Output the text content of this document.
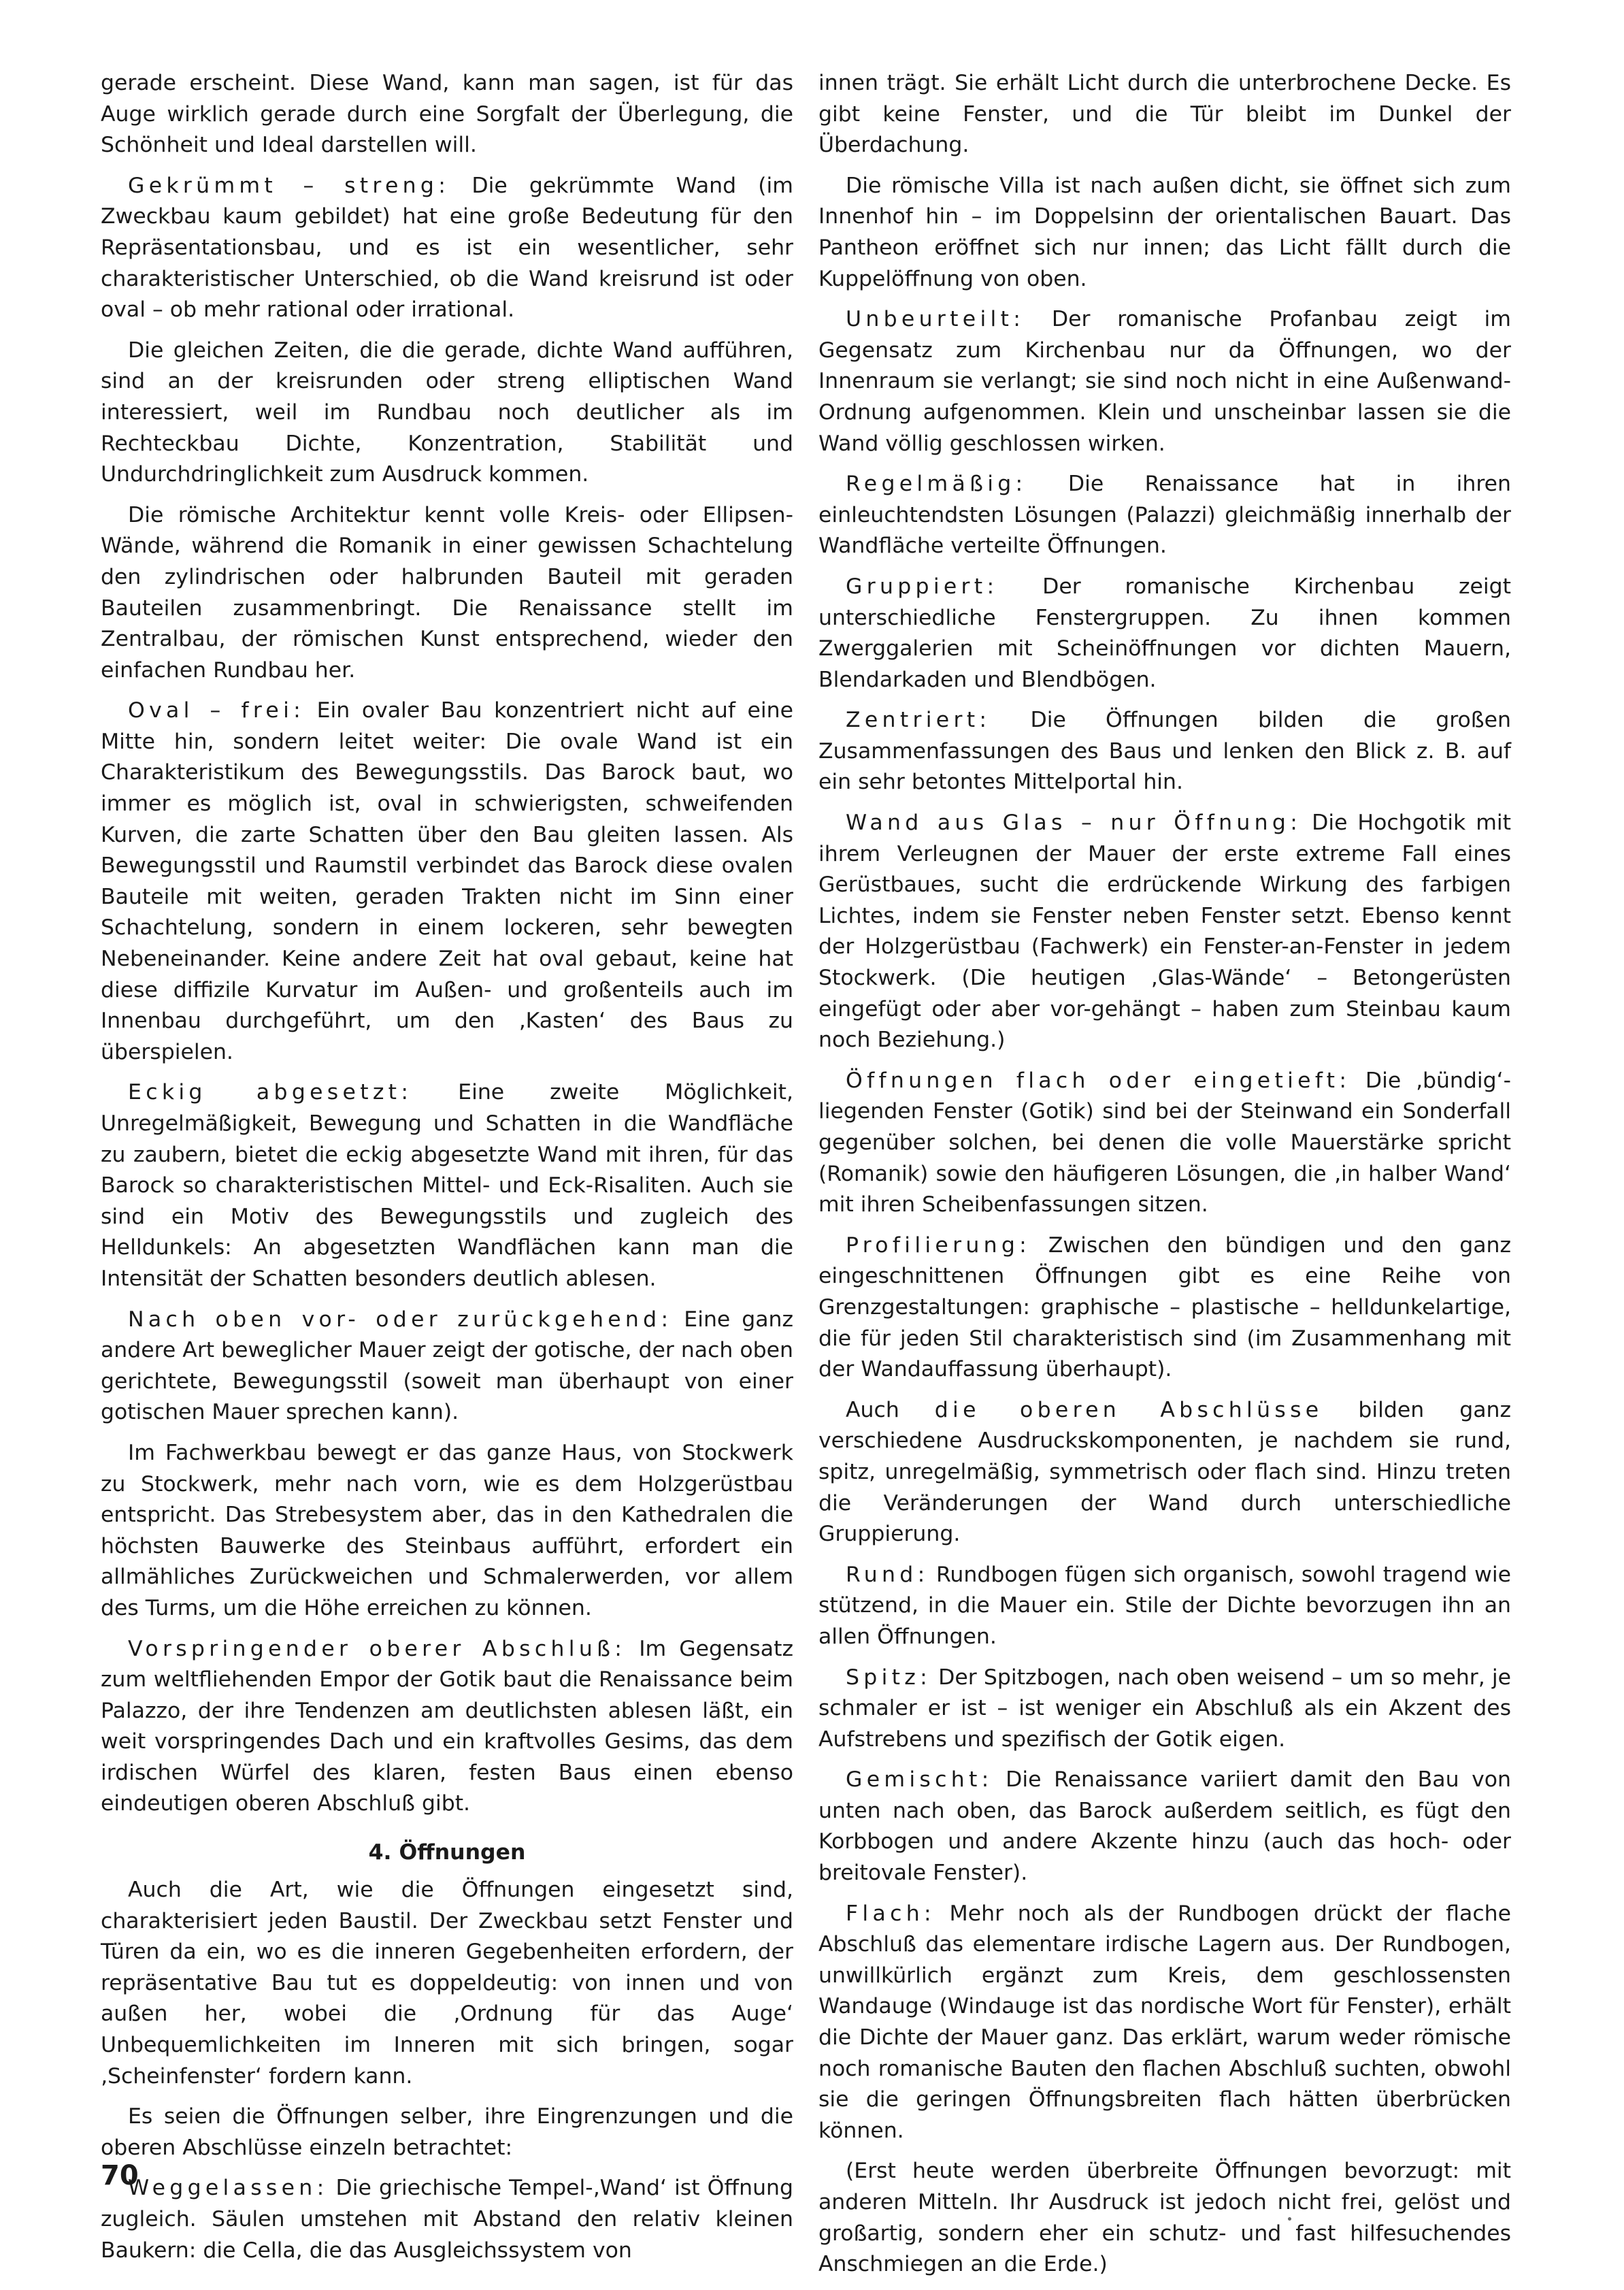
gerade erscheint. Diese Wand, kann man sagen, ist für das Auge wirklich gerade durch eine Sorgfalt der Überlegung, die Schönheit und Ideal darstellen will.

Gekrümmt – streng: Die gekrümmte Wand (im Zweckbau kaum gebildet) hat eine große Bedeutung für den Repräsentationsbau, und es ist ein wesentlicher, sehr charakteristischer Unterschied, ob die Wand kreisrund ist oder oval – ob mehr rational oder irrational.

Die gleichen Zeiten, die die gerade, dichte Wand aufführen, sind an der kreisrunden oder streng elliptischen Wand interessiert, weil im Rundbau noch deutlicher als im Rechteckbau Dichte, Konzentration, Stabilität und Undurchdringlichkeit zum Ausdruck kommen.

Die römische Architektur kennt volle Kreis- oder Ellipsen-Wände, während die Romanik in einer gewissen Schachtelung den zylindrischen oder halbrunden Bauteil mit geraden Bauteilen zusammenbringt. Die Renaissance stellt im Zentralbau, der römischen Kunst entsprechend, wieder den einfachen Rundbau her.

Oval – frei: Ein ovaler Bau konzentriert nicht auf eine Mitte hin, sondern leitet weiter: Die ovale Wand ist ein Charakteristikum des Bewegungsstils. Das Barock baut, wo immer es möglich ist, oval in schwierigsten, schweifenden Kurven, die zarte Schatten über den Bau gleiten lassen. Als Bewegungsstil und Raumstil verbindet das Barock diese ovalen Bauteile mit weiten, geraden Trakten nicht im Sinn einer Schachtelung, sondern in einem lockeren, sehr bewegten Nebeneinander. Keine andere Zeit hat oval gebaut, keine hat diese diffizile Kurvatur im Außen- und großenteils auch im Innenbau durchgeführt, um den ‚Kasten‘ des Baus zu überspielen.

Eckig abgesetzt: Eine zweite Möglichkeit, Unregelmäßigkeit, Bewegung und Schatten in die Wandfläche zu zaubern, bietet die eckig abgesetzte Wand mit ihren, für das Barock so charakteristischen Mittel- und Eck-Risaliten. Auch sie sind ein Motiv des Bewegungsstils und zugleich des Helldunkels: An abgesetzten Wandflächen kann man die Intensität der Schatten besonders deutlich ablesen.

Nach oben vor- oder zurückgehend: Eine ganz andere Art beweglicher Mauer zeigt der gotische, der nach oben gerichtete, Bewegungsstil (soweit man überhaupt von einer gotischen Mauer sprechen kann).

Im Fachwerkbau bewegt er das ganze Haus, von Stockwerk zu Stockwerk, mehr nach vorn, wie es dem Holzgerüstbau entspricht. Das Strebesystem aber, das in den Kathedralen die höchsten Bauwerke des Steinbaus aufführt, erfordert ein allmähliches Zurückweichen und Schmalerwerden, vor allem des Turms, um die Höhe erreichen zu können.

Vorspringender oberer Abschluß: Im Gegensatz zum weltfliehenden Empor der Gotik baut die Renaissance beim Palazzo, der ihre Tendenzen am deutlichsten ablesen läßt, ein weit vorspringendes Dach und ein kraftvolles Gesims, das dem irdischen Würfel des klaren, festen Baus einen ebenso eindeutigen oberen Abschluß gibt.

4. Öffnungen

Auch die Art, wie die Öffnungen eingesetzt sind, charakterisiert jeden Baustil. Der Zweckbau setzt Fenster und Türen da ein, wo es die inneren Gegebenheiten erfordern, der repräsentative Bau tut es doppeldeutig: von innen und von außen her, wobei die ‚Ordnung für das Auge‘ Unbequemlichkeiten im Inneren mit sich bringen, sogar ‚Scheinfenster‘ fordern kann.

Es seien die Öffnungen selber, ihre Eingrenzungen und die oberen Abschlüsse einzeln betrachtet:

Weggelassen: Die griechische Tempel-‚Wand‘ ist Öffnung zugleich. Säulen umstehen mit Abstand den relativ kleinen Baukern: die Cella, die das Ausgleichssystem von

innen trägt. Sie erhält Licht durch die unterbrochene Decke. Es gibt keine Fenster, und die Tür bleibt im Dunkel der Überdachung.

Die römische Villa ist nach außen dicht, sie öffnet sich zum Innenhof hin – im Doppelsinn der orientalischen Bauart. Das Pantheon eröffnet sich nur innen; das Licht fällt durch die Kuppelöffnung von oben.

Unbeurteilt: Der romanische Profanbau zeigt im Gegensatz zum Kirchenbau nur da Öffnungen, wo der Innenraum sie verlangt; sie sind noch nicht in eine Außenwand-Ordnung aufgenommen. Klein und unscheinbar lassen sie die Wand völlig geschlossen wirken.

Regelmäßig: Die Renaissance hat in ihren einleuchtendsten Lösungen (Palazzi) gleichmäßig innerhalb der Wandfläche verteilte Öffnungen.

Gruppiert: Der romanische Kirchenbau zeigt unterschiedliche Fenstergruppen. Zu ihnen kommen Zwerggalerien mit Scheinöffnungen vor dichten Mauern, Blendarkaden und Blendbögen.

Zentriert: Die Öffnungen bilden die großen Zusammenfassungen des Baus und lenken den Blick z. B. auf ein sehr betontes Mittelportal hin.

Wand aus Glas – nur Öffnung: Die Hochgotik mit ihrem Verleugnen der Mauer der erste extreme Fall eines Gerüstbaues, sucht die erdrückende Wirkung des farbigen Lichtes, indem sie Fenster neben Fenster setzt. Ebenso kennt der Holzgerüstbau (Fachwerk) ein Fenster-an-Fenster in jedem Stockwerk. (Die heutigen ‚Glas-Wände‘ – Betongerüsten eingefügt oder aber vor-gehängt – haben zum Steinbau kaum noch Beziehung.)

Öffnungen flach oder eingetieft: Die ‚bündig‘-liegenden Fenster (Gotik) sind bei der Steinwand ein Sonderfall gegenüber solchen, bei denen die volle Mauerstärke spricht (Romanik) sowie den häufigeren Lösungen, die ‚in halber Wand‘ mit ihren Scheibenfassungen sitzen.

Profilierung: Zwischen den bündigen und den ganz eingeschnittenen Öffnungen gibt es eine Reihe von Grenzgestaltungen: graphische – plastische – helldunkelartige, die für jeden Stil charakteristisch sind (im Zusammenhang mit der Wandauffassung überhaupt).

Auch die oberen Abschlüsse bilden ganz verschiedene Ausdruckskomponenten, je nachdem sie rund, spitz, unregelmäßig, symmetrisch oder flach sind. Hinzu treten die Veränderungen der Wand durch unterschiedliche Gruppierung.

Rund: Rundbogen fügen sich organisch, sowohl tragend wie stützend, in die Mauer ein. Stile der Dichte bevorzugen ihn an allen Öffnungen.

Spitz: Der Spitzbogen, nach oben weisend – um so mehr, je schmaler er ist – ist weniger ein Abschluß als ein Akzent des Aufstrebens und spezifisch der Gotik eigen.

Gemischt: Die Renaissance variiert damit den Bau von unten nach oben, das Barock außerdem seitlich, es fügt den Korbbogen und andere Akzente hinzu (auch das hoch- oder breitovale Fenster).

Flach: Mehr noch als der Rundbogen drückt der flache Abschluß das elementare irdische Lagern aus. Der Rundbogen, unwillkürlich ergänzt zum Kreis, dem geschlossensten Wandauge (Windauge ist das nordische Wort für Fenster), erhält die Dichte der Mauer ganz. Das erklärt, warum weder römische noch romanische Bauten den flachen Abschluß suchten, obwohl sie die geringen Öffnungsbreiten flach hätten überbrücken können.

(Erst heute werden überbreite Öffnungen bevorzugt: mit anderen Mitteln. Ihr Ausdruck ist jedoch nicht frei, gelöst und großartig, sondern eher ein schutz- und fast hilfesuchendes Anschmiegen an die Erde.)

70
